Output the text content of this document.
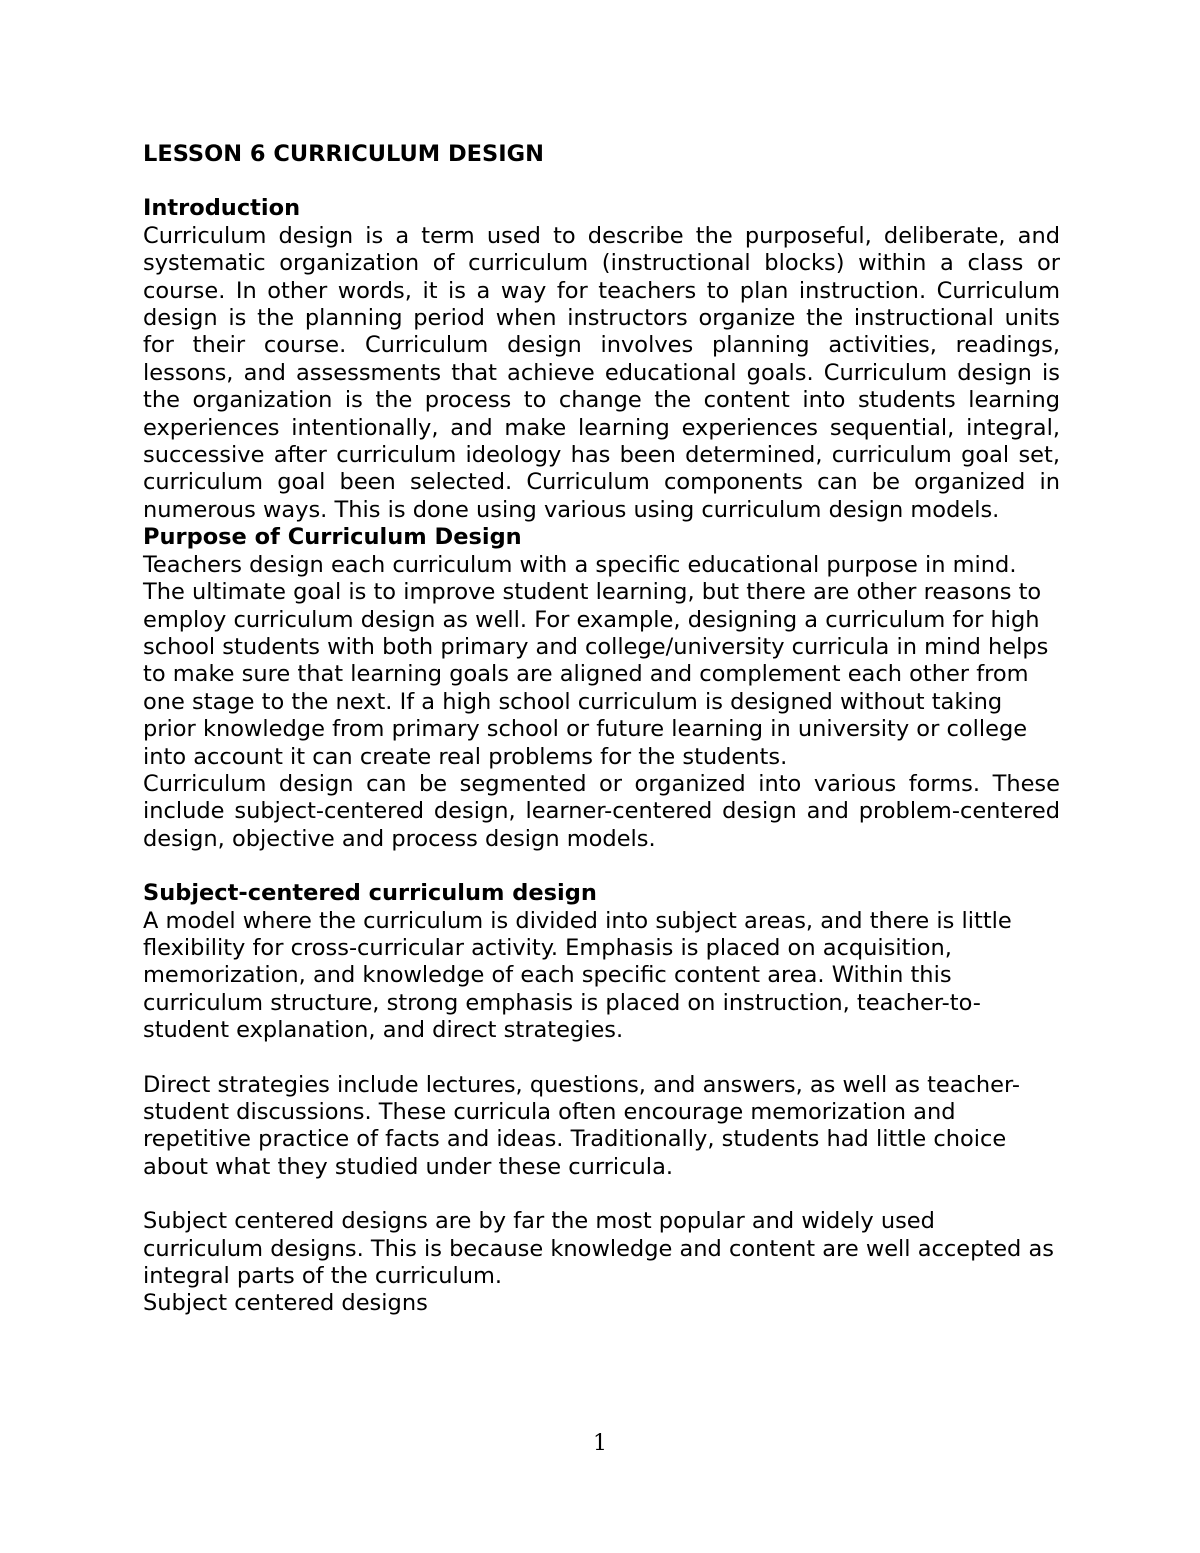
LESSON 6 CURRICULUM DESIGN

Introduction

Curriculum design is a term used to describe the purposeful, deliberate, and systematic organization of curriculum (instructional blocks) within a class or course. In other words, it is a way for teachers to plan instruction. Curriculum design is the planning period when instructors organize the instructional units for their course. Curriculum design involves planning activities, readings, lessons, and assessments that achieve educational goals. Curriculum design is the organization is the process to change the content into students learning experiences intentionally, and make learning experiences sequential, integral, successive after curriculum ideology has been determined, curriculum goal set, curriculum goal been selected. Curriculum components can be organized in numerous ways. This is done using various using curriculum design models.

Purpose of Curriculum Design

Teachers design each curriculum with a specific educational purpose in mind. The ultimate goal is to improve student learning, but there are other reasons to employ curriculum design as well. For example, designing a curriculum for high school students with both primary and college/university curricula in mind helps to make sure that learning goals are aligned and complement each other from one stage to the next. If a high school curriculum is designed without taking prior knowledge from primary school or future learning in university or college into account it can create real problems for the students.

Curriculum design can be segmented or organized into various forms. These include subject-centered design, learner-centered design and problem-centered design, objective and process design models.

Subject-centered curriculum design

A model where the curriculum is divided into subject areas, and there is little flexibility for cross-curricular activity. Emphasis is placed on acquisition, memorization, and knowledge of each specific content area. Within this curriculum structure, strong emphasis is placed on instruction, teacher-to-student explanation, and direct strategies.

Direct strategies include lectures, questions, and answers, as well as teacher-student discussions. These curricula often encourage memorization and repetitive practice of facts and ideas. Traditionally, students had little choice about what they studied under these curricula.

Subject centered designs are by far the most popular and widely used curriculum designs. This is because knowledge and content are well accepted as integral parts of the curriculum.

Subject centered designs

1
